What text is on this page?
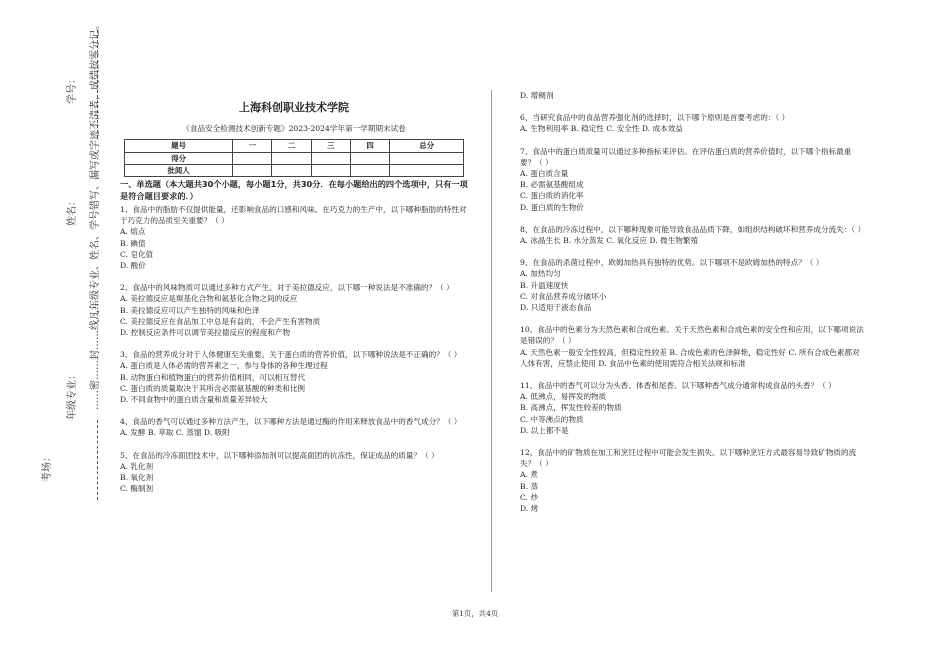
学号：
姓名：	凡年级专业、姓名、学号错写、漏写或字迹不清者，成绩按零分记。
……密……封……线……
年级专业：
考场：
上海科创职业技术学院
《食品安全检测技术创新专题》2023-2024学年第一学期期末试卷
题号	一	二	三	四	总分
得分					
批阅人					
一、单选题（本大题共30个小题，每小题1分，共30分．在每小题给出的四个选项中，只有一项是符合题目要求的．）
1、食品中的脂肪不仅提供能量，还影响食品的口感和风味。在巧克力的生产中，以下哪种脂肪的特性对于巧克力的品质至关重要？（ ）
A. 熔点
B. 碘值
C. 皂化值
D. 酸价
2、食品中的风味物质可以通过多种方式产生。对于美拉德反应，以下哪一种说法是不准确的？（ ）
A. 美拉德反应是羰基化合物和氨基化合物之间的反应
B. 美拉德反应可以产生独特的风味和色泽
C. 美拉德反应在食品加工中总是有益的，不会产生有害物质
D. 控制反应条件可以调节美拉德反应的程度和产物
3、食品的营养成分对于人体健康至关重要。关于蛋白质的营养价值，以下哪种说法是不正确的？（ ）
A. 蛋白质是人体必需的营养素之一，参与身体的各种生理过程
B. 动物蛋白和植物蛋白的营养价值相同，可以相互替代
C. 蛋白质的质量取决于其所含必需氨基酸的种类和比例
D. 不同食物中的蛋白质含量和质量差异较大
4、食品的香气可以通过多种方法产生，以下哪种方法是通过酶的作用来释放食品中的香气成分？（ ）
A. 发酵 B. 萃取 C. 蒸馏 D. 吸附
5、在食品的冷冻面团技术中，以下哪种添加剂可以提高面团的抗冻性，保证成品的质量？（ ）
A. 乳化剂
B. 氧化剂
C. 酶制剂
D. 增稠剂
6、当研究食品中的食品营养强化剂的选择时，以下哪个原则是首要考虑的：（ ）
A. 生物利用率 B. 稳定性 C. 安全性 D. 成本效益
7、食品中的蛋白质质量可以通过多种指标来评估。在评估蛋白质的营养价值时，以下哪个指标最重要？（ ）
A. 蛋白质含量
B. 必需氨基酸组成
C. 蛋白质的消化率
D. 蛋白质的生物价
8、在食品的冷冻过程中，以下哪种现象可能导致食品品质下降，如组织结构破坏和营养成分流失：（ ）
A. 冰晶生长 B. 水分蒸发 C. 氧化反应 D. 微生物繁殖
9、在食品的杀菌过程中，欧姆加热具有独特的优势。以下哪项不是欧姆加热的特点？（ ）
A. 加热均匀
B. 升温速度快
C. 对食品营养成分破坏小
D. 只适用于液态食品
10、食品中的色素分为天然色素和合成色素。关于天然色素和合成色素的安全性和应用，以下哪项说法是错误的？（ ）
A. 天然色素一般安全性较高，但稳定性较差 B. 合成色素的色泽鲜艳，稳定性好 C. 所有合成色素都对人体有害，应禁止使用 D. 食品中色素的使用需符合相关法规和标准
11、食品中的香气可以分为头香、体香和尾香。以下哪种香气成分通常构成食品的头香？（ ）
A. 低沸点，易挥发的物质
B. 高沸点，挥发性较差的物质
C. 中等沸点的物质
D. 以上都不是
12、食品中的矿物质在加工和烹饪过程中可能会发生损失。以下哪种烹饪方式最容易导致矿物质的流失？（ ）
A. 煮
B. 蒸
C. 炒
D. 烤
第1页，共4页
